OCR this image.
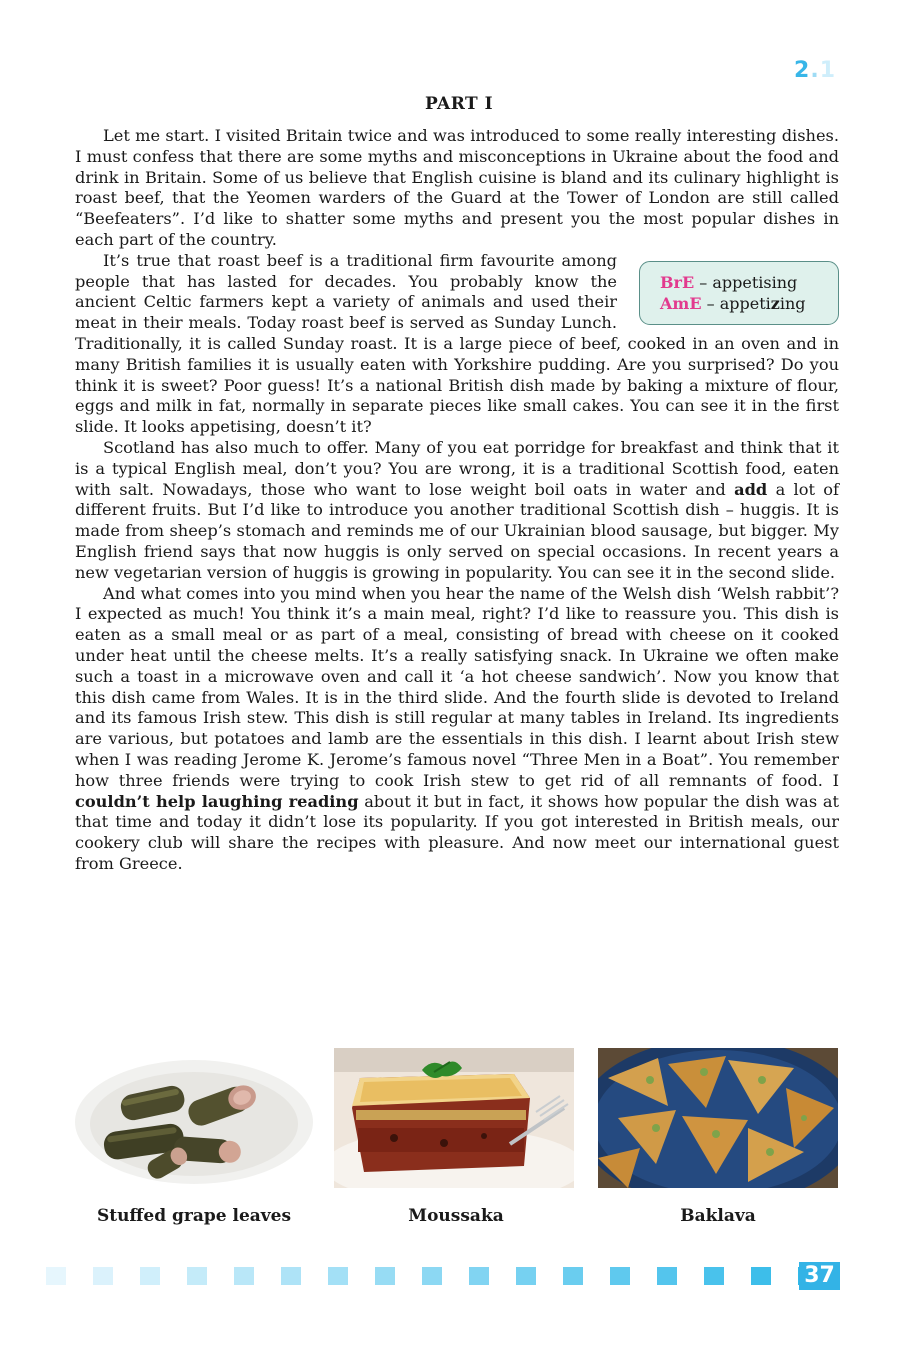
2.1
PART I

Let me start. I visited Britain twice and was introduced to some really interesting dishes. I must confess that there are some myths and misconceptions in Ukraine about the food and drink in Britain. Some of us believe that English cuisine is bland and its culinary highlight is roast beef, that the Yeomen warders of the Guard at the Tower of London are still called “Beefeaters”. I’d like to shatter some myths and present you the most popular dishes in each part of the country.

BrE – appetising
AmE – appetizing
It’s true that roast beef is a traditional firm favourite among people that has lasted for decades. You probably know the ancient Celtic farmers kept a variety of animals and used their meat in their meals. Today roast beef is served as Sunday Lunch. Traditionally, it is called Sunday roast. It is a large piece of beef, cooked in an oven and in many British families it is usually eaten with Yorkshire pudding. Are you surprised? Do you think it is sweet? Poor guess! It’s a national British dish made by baking a mixture of flour, eggs and milk in fat, normally in separate pieces like small cakes. You can see it in the first slide. It looks appetising, doesn’t it?

Scotland has also much to offer. Many of you eat porridge for breakfast and think that it is a typical English meal, don’t you? You are wrong, it is a traditional Scottish food, eaten with salt. Nowadays, those who want to lose weight boil oats in water and add a lot of different fruits. But I’d like to introduce you another traditional Scottish dish – huggis. It is made from sheep’s stomach and reminds me of our Ukrainian blood sausage, but bigger. My English friend says that now huggis is only served on special occasions. In recent years a new vegetarian version of huggis is growing in popularity. You can see it in the second slide.

And what comes into you mind when you hear the name of the Welsh dish ‘Welsh rabbit’? I expected as much! You think it’s a main meal, right? I’d like to reassure you. This dish is eaten as a small meal or as part of a meal, consisting of bread with cheese on it cooked under heat until the cheese melts. It’s a really satisfying snack. In Ukraine we often make such a toast in a microwave oven and call it ‘a hot cheese sandwich’. Now you know that this dish came from Wales. It is in the third slide. And the fourth slide is devoted to Ireland and its famous Irish stew. This dish is still regular at many tables in Ireland. Its ingredients are various, but potatoes and lamb are the essentials in this dish. I learnt about Irish stew when I was reading Jerome K. Jerome’s famous novel “Three Men in a Boat”. You remember how three friends were trying to cook Irish stew to get rid of all remnants of food. I couldn’t help laughing reading about it but in fact, it shows how popular the dish was at that time and today it didn’t lose its popularity. If you got interested in British meals, our cookery club will share the recipes with pleasure. And now meet our international guest from Greece.

Stuffed grape leaves	Moussaka	Baklava
37
